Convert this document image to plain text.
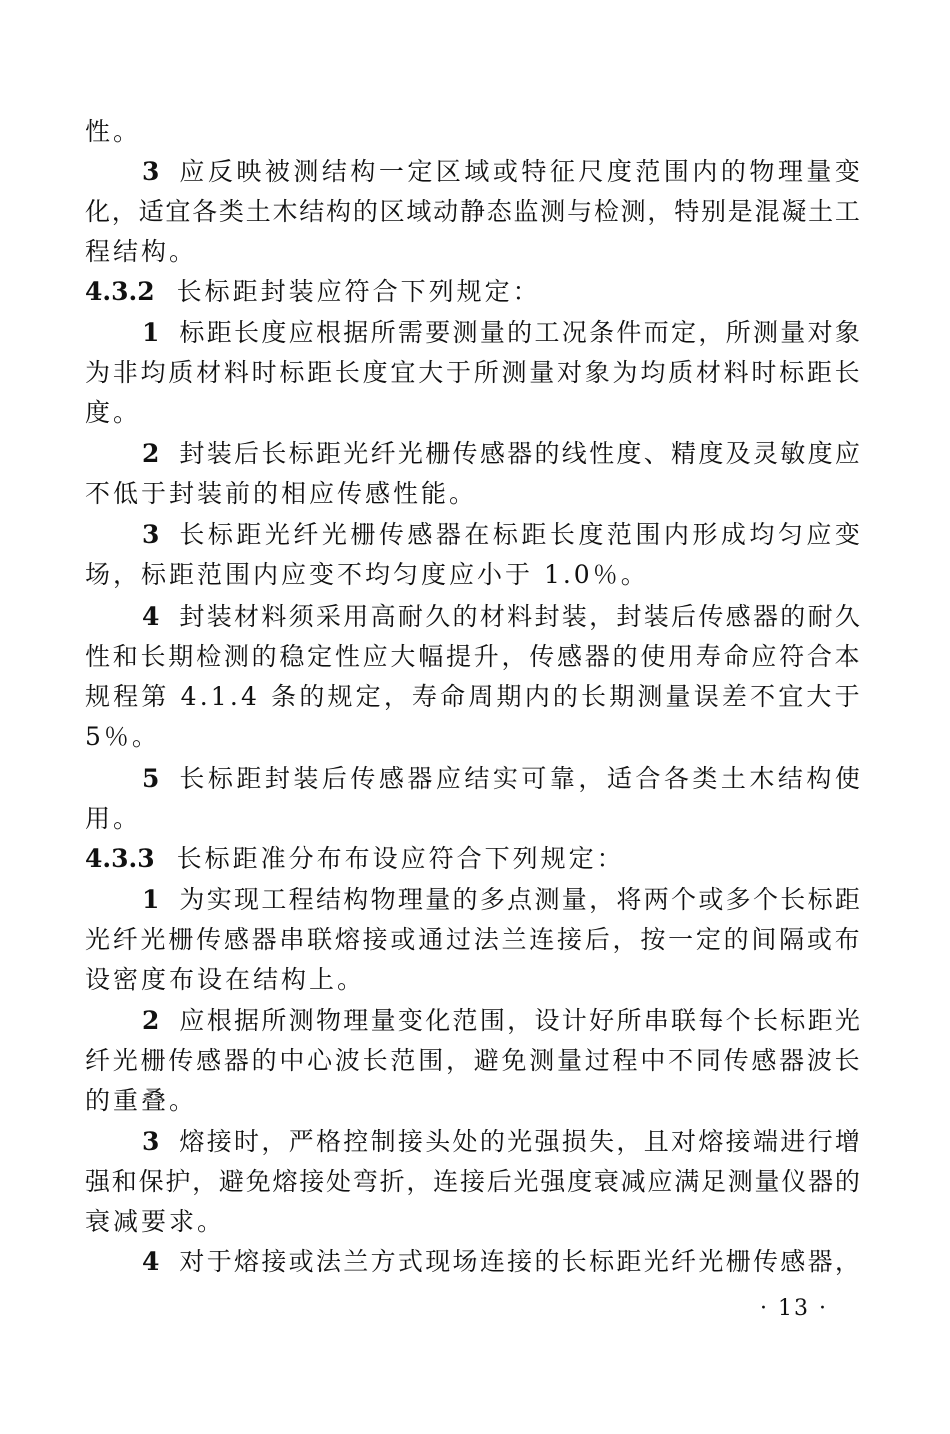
性。
3 应 反 映 被 测 结 构 一 定 区 域 或 特 征 尺 度 范 围 内 的 物 理 量 变
化 ， 适 宜 各 类 土 木 结 构 的 区 域 动 静 态 监 测 与 检 测 ， 特 别 是 混 凝 土 工
程结构。
4.3.2 长标距封装应符合下列规定：
1 标 距 长 度 应 根 据 所 需 要 测 量 的 工 况 条 件 而 定 ， 所 测 量 对 象
为 非 均 质 材 料 时 标 距 长 度 宜 大 于 所 测 量 对 象 为 均 质 材 料 时 标 距 长
度。
2 封 装 后 长 标 距 光 纤 光 栅 传 感 器 的 线 性 度 、 精 度 及 灵 敏 度 应
不低于封装前的相应传感性能。
3 长 标 距 光 纤 光 栅 传 感 器 在 标 距 长 度 范 围 内 形 成 均 匀 应 变
场，标距范围内应变不均匀度应小于 1.0％。
4 封 装 材 料 须 采 用 高 耐 久 的 材 料 封 装 ， 封 装 后 传 感 器 的 耐 久
性 和 长 期 检 测 的 稳 定 性 应 大 幅 提 升 ， 传 感 器 的 使 用 寿 命 应 符 合 本
规 程 第
4 . 1 . 4
条 的 规 定 ， 寿 命 周 期 内 的 长 期 测 量 误 差 不 宜 大 于
5％。
5 长 标 距 封 装 后 传 感 器 应 结 实 可 靠 ， 适 合 各 类 土 木 结 构 使
用。
4.3.3 长标距准分布布设应符合下列规定：
1 为 实 现 工 程 结 构 物 理 量 的 多 点 测 量 ， 将 两 个 或 多 个 长 标 距
光 纤 光 栅 传 感 器 串 联 熔 接 或 通 过 法 兰 连 接 后 ， 按 一 定 的 间 隔 或 布
设密度布设在结构上。
2 应 根 据 所 测 物 理 量 变 化 范 围 ， 设 计 好 所 串 联 每 个 长 标 距 光
纤 光 栅 传 感 器 的 中 心 波 长 范 围 ， 避 免 测 量 过 程 中 不 同 传 感 器 波 长
的重叠。
3 熔 接 时 ， 严 格 控 制 接 头 处 的 光 强 损 失 ， 且 对 熔 接 端 进 行 增
强 和 保 护 ， 避 免 熔 接 处 弯 折 ， 连 接 后 光 强 度 衰 减 应 满 足 测 量 仪 器 的
衰减要求。
4 对 于 熔 接 或 法 兰 方 式 现 场 连 接 的 长 标 距 光 纤 光 栅 传 感 器 ，
· 13 ·
